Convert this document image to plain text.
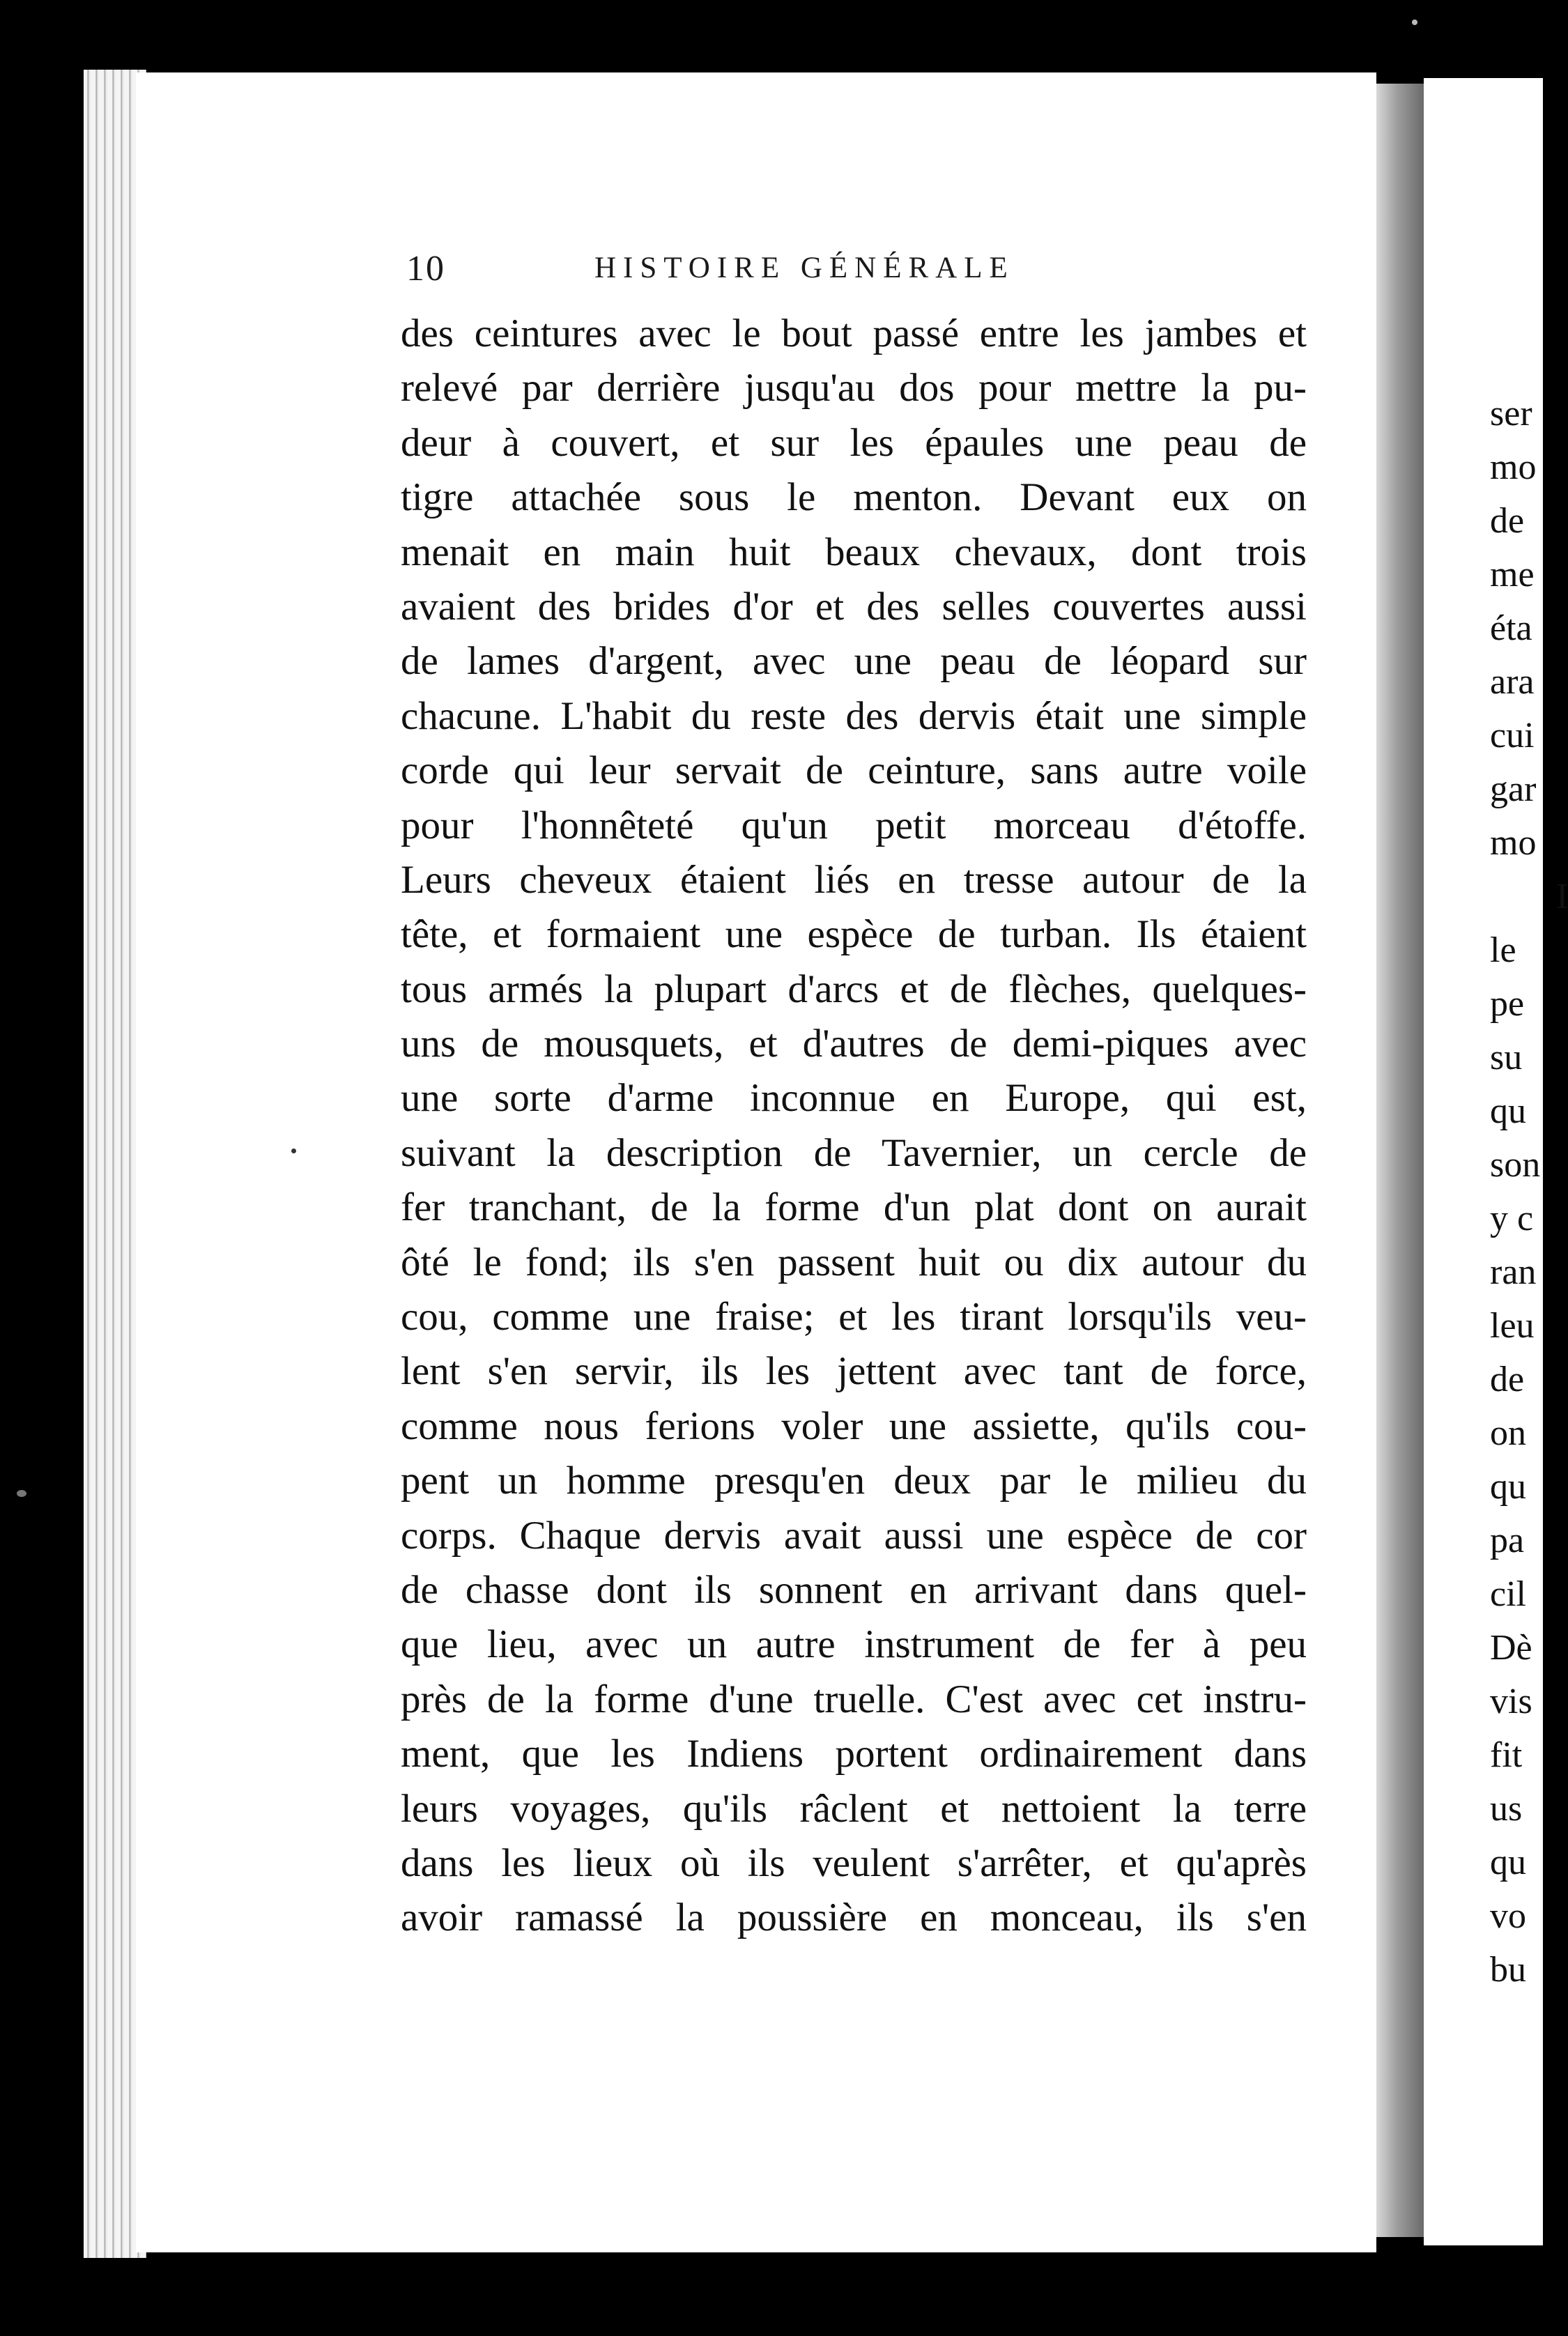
ser
mo
de
me
éta
ara
cui
gar
mo
I
le
pe
su
qu
son
y c
ran
leu
de
on
qu
pa
cil
Dè
vis
fit
us
qu
vo
bu
10	HISTOIRE GÉNÉRALE
des ceintures avec le bout passé entre les jambes et
relevé par derrière jusqu'au dos pour mettre la pu-
deur à couvert, et sur les épaules une peau de
tigre attachée sous le menton. Devant eux on
menait en main huit beaux chevaux, dont trois
avaient des brides d'or et des selles couvertes aussi
de lames d'argent, avec une peau de léopard sur
chacune. L'habit du reste des dervis était une simple
corde qui leur servait de ceinture, sans autre voile
pour l'honnêteté qu'un petit morceau d'étoffe.
Leurs cheveux étaient liés en tresse autour de la
tête, et formaient une espèce de turban. Ils étaient
tous armés la plupart d'arcs et de flèches, quelques-
uns de mousquets, et d'autres de demi-piques avec
une sorte d'arme inconnue en Europe, qui est,
suivant la description de Tavernier, un cercle de
fer tranchant, de la forme d'un plat dont on aurait
ôté le fond; ils s'en passent huit ou dix autour du
cou, comme une fraise; et les tirant lorsqu'ils veu-
lent s'en servir, ils les jettent avec tant de force,
comme nous ferions voler une assiette, qu'ils cou-
pent un homme presqu'en deux par le milieu du
corps. Chaque dervis avait aussi une espèce de cor
de chasse dont ils sonnent en arrivant dans quel-
que lieu, avec un autre instrument de fer à peu
près de la forme d'une truelle. C'est avec cet instru-
ment, que les Indiens portent ordinairement dans
leurs voyages, qu'ils râclent et nettoient la terre
dans les lieux où ils veulent s'arrêter, et qu'après
avoir ramassé la poussière en monceau, ils s'en
